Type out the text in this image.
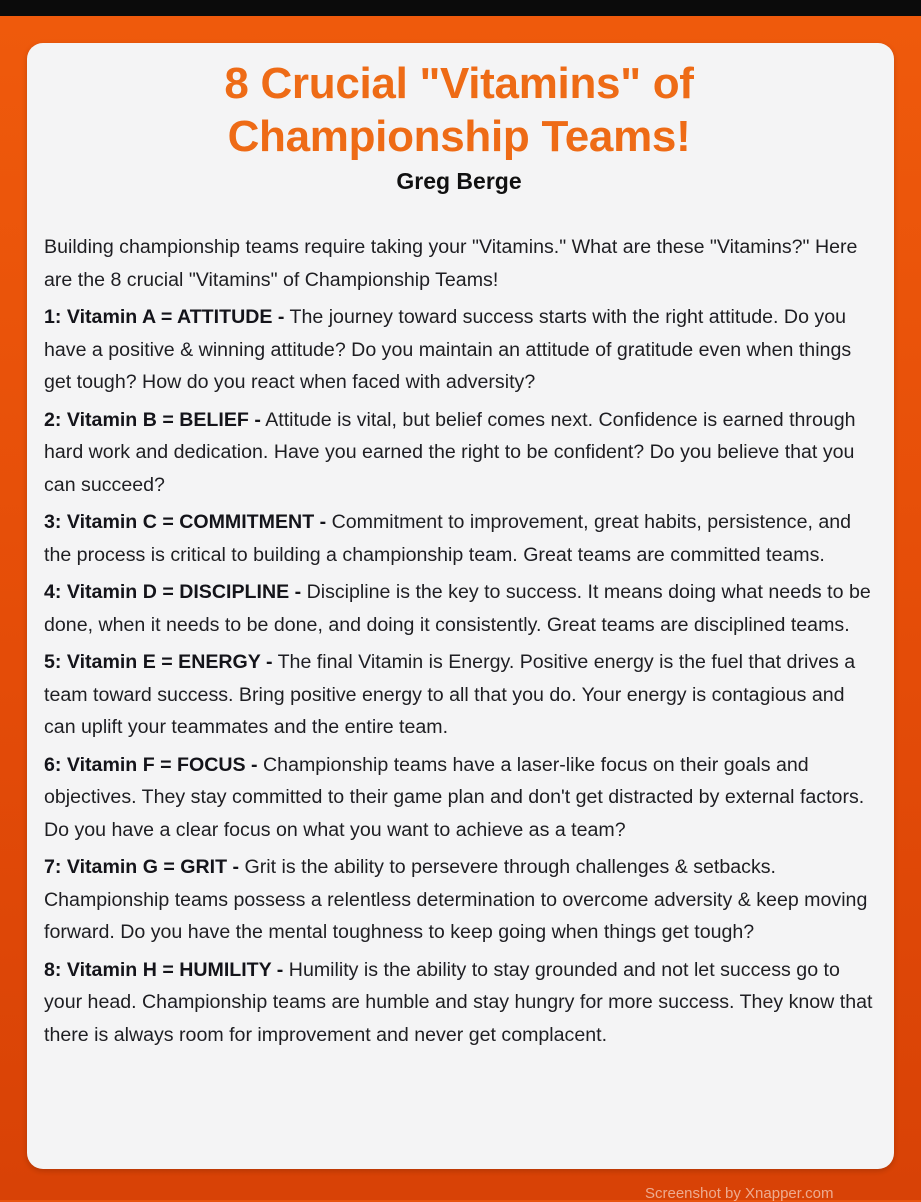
8 Crucial "Vitamins" of Championship Teams!
Greg Berge

Building championship teams require taking your "Vitamins." What are these "Vitamins?" Here are the 8 crucial "Vitamins" of Championship Teams!

1: Vitamin A = ATTITUDE - The journey toward success starts with the right attitude. Do you have a positive & winning attitude? Do you maintain an attitude of gratitude even when things get tough? How do you react when faced with adversity?

2: Vitamin B = BELIEF - Attitude is vital, but belief comes next. Confidence is earned through hard work and dedication. Have you earned the right to be confident? Do you believe that you can succeed?

3: Vitamin C = COMMITMENT - Commitment to improvement, great habits, persistence, and the process is critical to building a championship team. Great teams are committed teams.

4: Vitamin D = DISCIPLINE - Discipline is the key to success. It means doing what needs to be done, when it needs to be done, and doing it consistently. Great teams are disciplined teams.

5: Vitamin E = ENERGY - The final Vitamin is Energy. Positive energy is the fuel that drives a team toward success. Bring positive energy to all that you do. Your energy is contagious and can uplift your teammates and the entire team.

6: Vitamin F = FOCUS - Championship teams have a laser-like focus on their goals and objectives. They stay committed to their game plan and don't get distracted by external factors. Do you have a clear focus on what you want to achieve as a team?

7: Vitamin G = GRIT - Grit is the ability to persevere through challenges & setbacks. Championship teams possess a relentless determination to overcome adversity & keep moving forward. Do you have the mental toughness to keep going when things get tough?

8: Vitamin H = HUMILITY - Humility is the ability to stay grounded and not let success go to your head. Championship teams are humble and stay hungry for more success. They know that there is always room for improvement and never get complacent.

Screenshot by Xnapper.com
